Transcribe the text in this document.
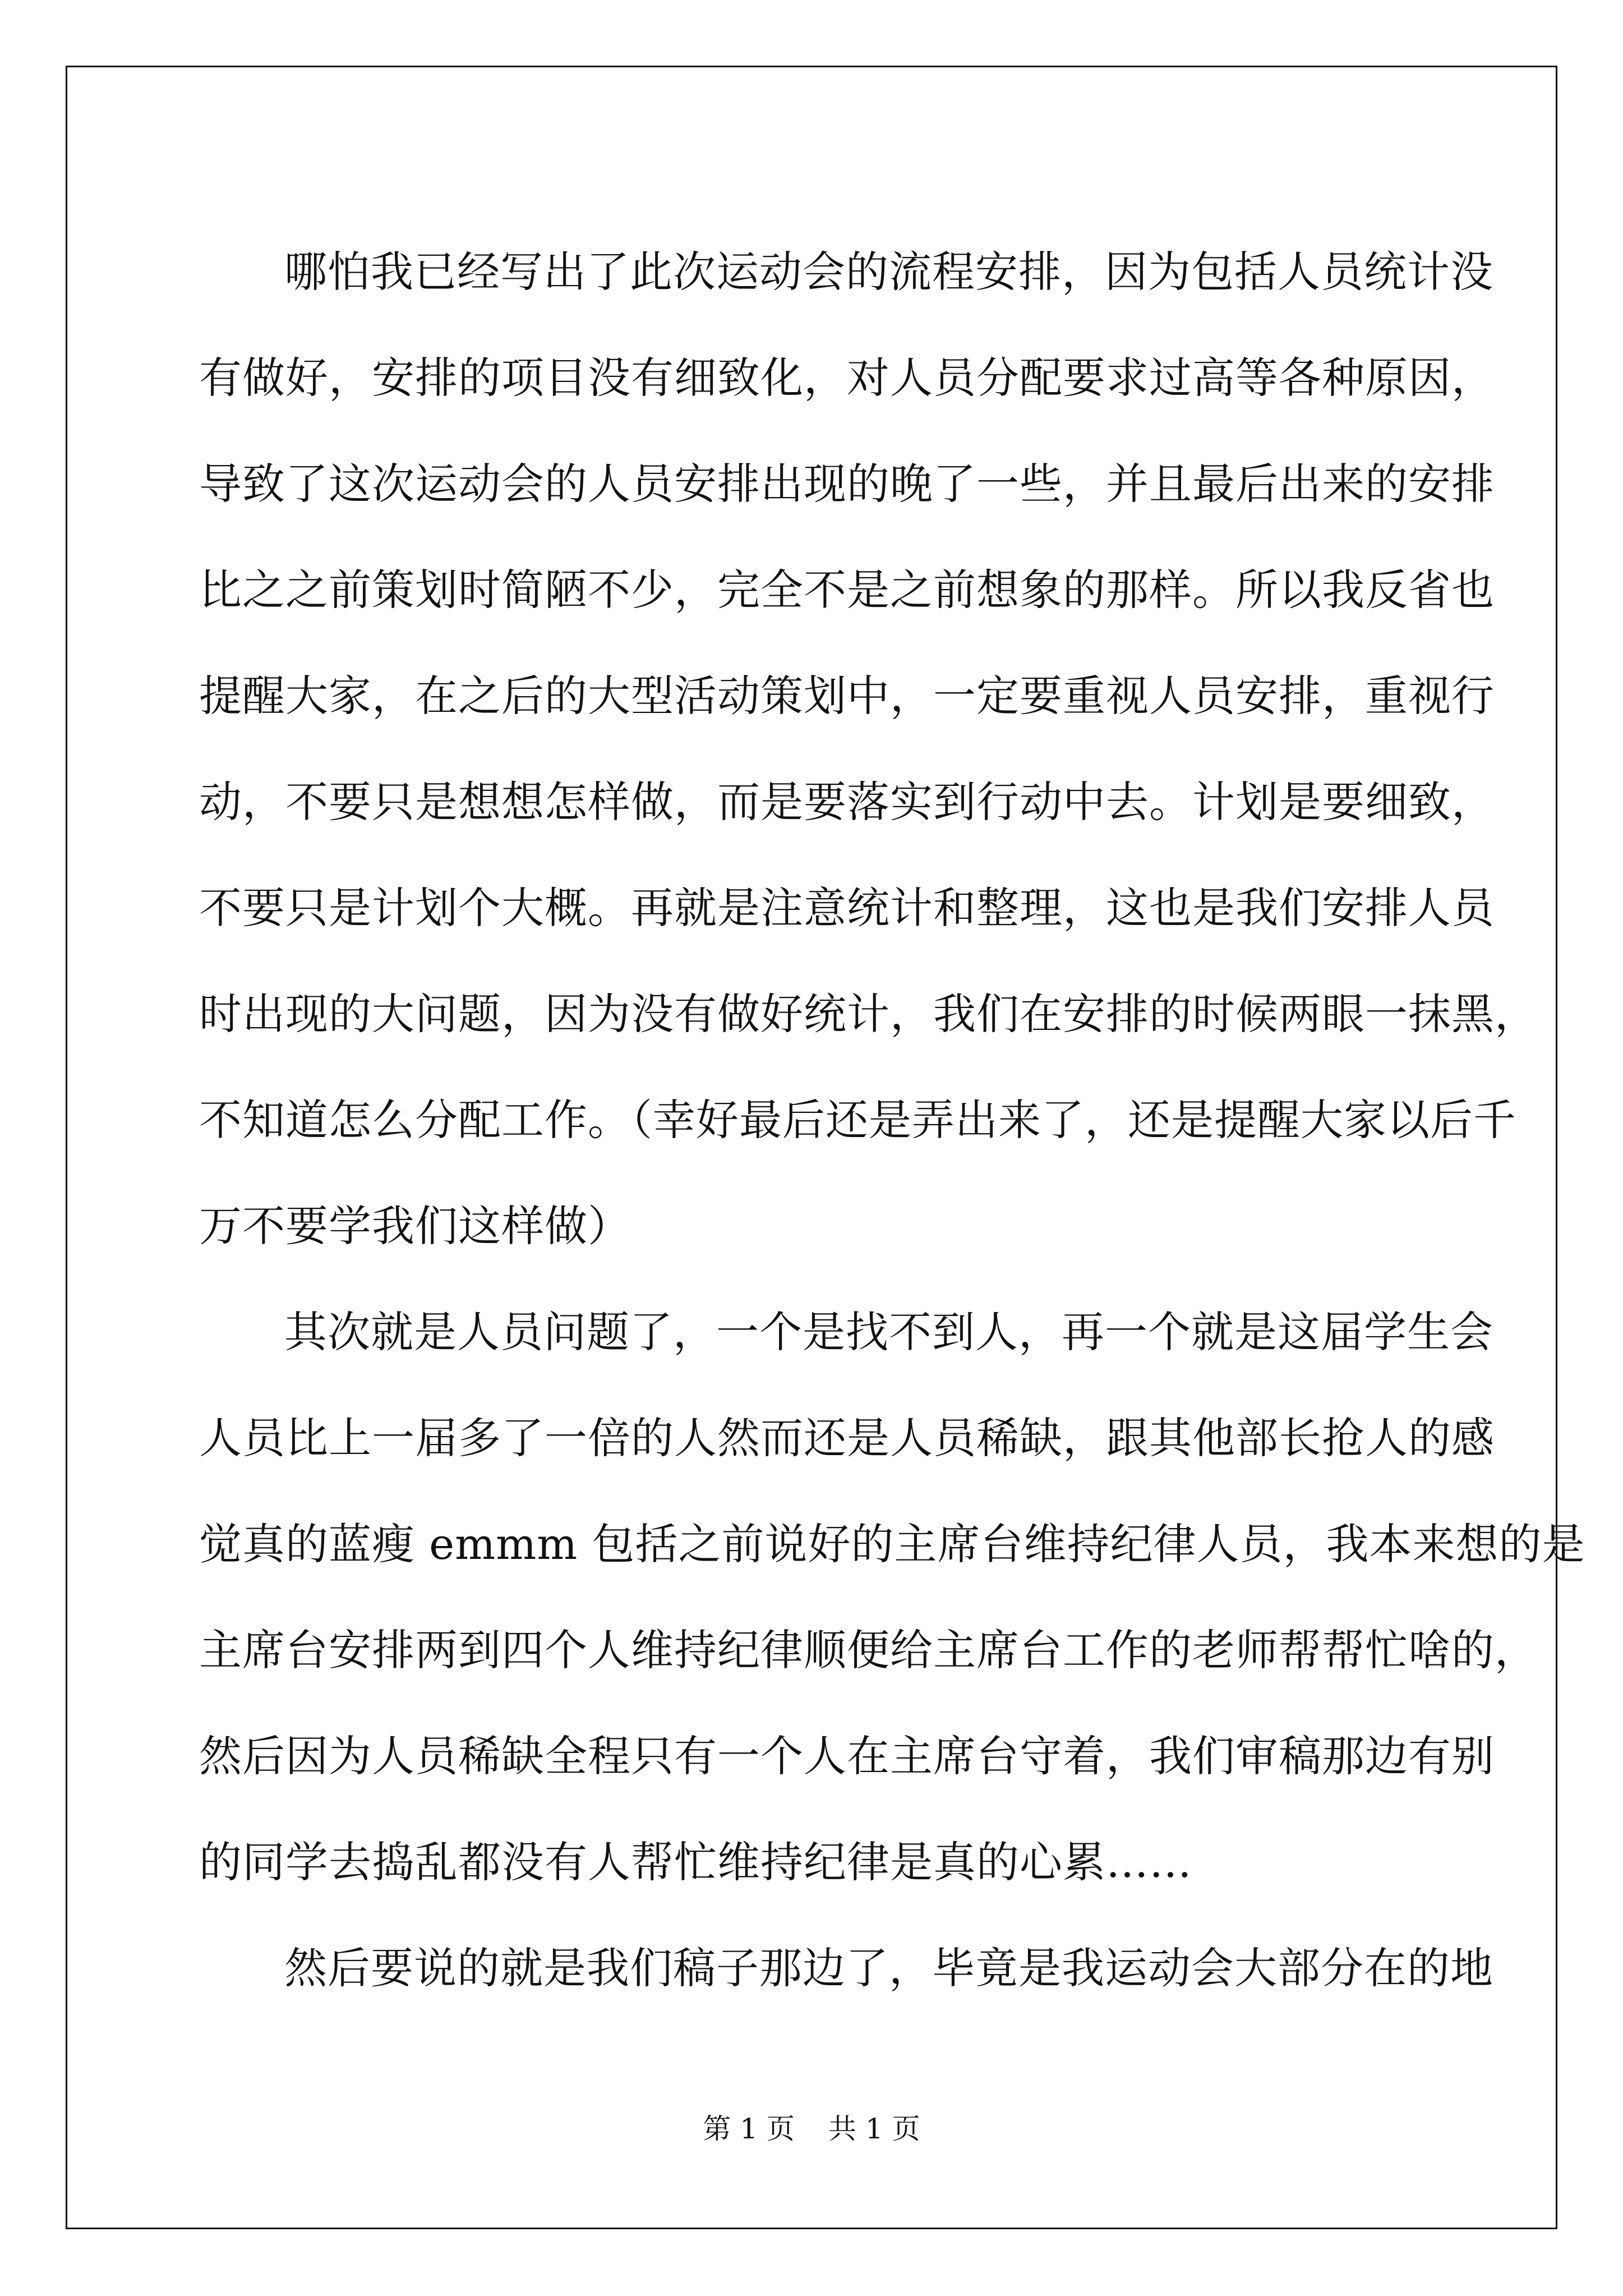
哪怕我已经写出了此次运动会的流程安排，因为包括人员统计没
有做好，安排的项目没有细致化，对人员分配要求过高等各种原因，
导致了这次运动会的人员安排出现的晚了一些，并且最后出来的安排
比之之前策划时简陋不少，完全不是之前想象的那样。所以我反省也
提醒大家，在之后的大型活动策划中，一定要重视人员安排，重视行
动，不要只是想想怎样做，而是要落实到行动中去。计划是要细致，
不要只是计划个大概。再就是注意统计和整理，这也是我们安排人员
时出现的大问题，因为没有做好统计，我们在安排的时候两眼一抹黑，
不知道怎么分配工作。（幸好最后还是弄出来了，还是提醒大家以后千
万不要学我们这样做）
其次就是人员问题了，一个是找不到人，再一个就是这届学生会
人员比上一届多了一倍的人然而还是人员稀缺，跟其他部长抢人的感
觉真的蓝瘦 emmm 包括之前说好的主席台维持纪律人员，我本来想的是
主席台安排两到四个人维持纪律顺便给主席台工作的老师帮帮忙啥的，
然后因为人员稀缺全程只有一个人在主席台守着，我们审稿那边有别
的同学去捣乱都没有人帮忙维持纪律是真的心累……
然后要说的就是我们稿子那边了，毕竟是我运动会大部分在的地
第 1 页 共 1 页
